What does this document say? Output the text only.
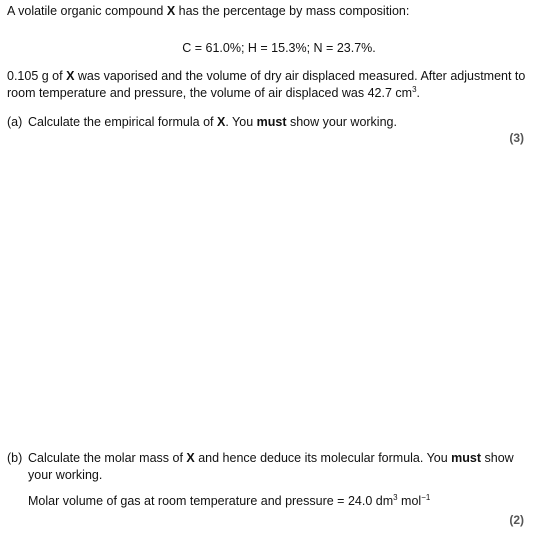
A volatile organic compound X has the percentage by mass composition:
C = 61.0%; H = 15.3%; N = 23.7%.
0.105 g of X was vaporised and the volume of dry air displaced measured. After adjustment to room temperature and pressure, the volume of air displaced was 42.7 $cm^3$.
(a) Calculate the empirical formula of X. You must show your working.
(3)
(b) Calculate the molar mass of X and hence deduce its molecular formula. You must show your working.
Molar volume of gas at room temperature and pressure = 24.0 $dm^3$ mol$^{-1}$
(2)
